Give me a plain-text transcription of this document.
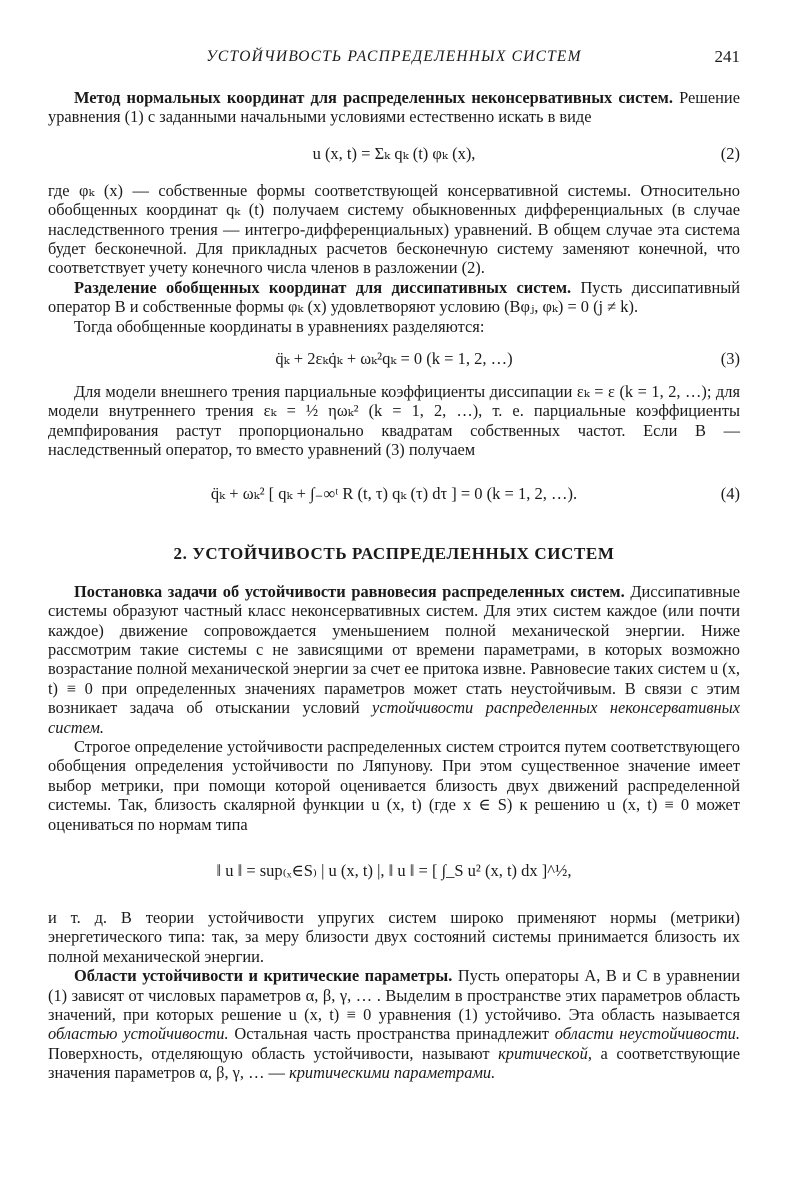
УСТОЙЧИВОСТЬ РАСПРЕДЕЛЕННЫХ СИСТЕМ	241

Метод нормальных координат для распределенных неконсервативных систем. Решение уравнения (1) с заданными начальными условиями естественно искать в виде

u (x, t) = Σₖ qₖ (t) φₖ (x),	(2)

где φₖ (x) — собственные формы соответствующей консервативной системы. Относительно обобщенных координат qₖ (t) получаем систему обыкновенных дифференциальных (в случае наследственного трения — интегро-дифференциальных) уравнений. В общем случае эта система будет бесконечной. Для прикладных расчетов бесконечную систему заменяют конечной, что соответствует учету конечного числа членов в разложении (2).

Разделение обобщенных координат для диссипативных систем. Пусть диссипативный оператор B и собственные формы φₖ (x) удовлетворяют условию (Bφⱼ, φₖ) = 0 (j ≠ k).

Тогда обобщенные координаты в уравнениях разделяются:

q̈ₖ + 2εₖq̇ₖ + ωₖ²qₖ = 0 (k = 1, 2, …)	(3)

Для модели внешнего трения парциальные коэффициенты диссипации εₖ = ε (k = 1, 2, …); для модели внутреннего трения εₖ = ½ ηωₖ² (k = 1, 2, …), т. е. парциальные коэффициенты демпфирования растут пропорционально квадратам собственных частот. Если B — наследственный оператор, то вместо уравнений (3) получаем

q̈ₖ + ωₖ² [ qₖ + ∫₋∞ᵗ R (t, τ) qₖ (τ) dτ ] = 0 (k = 1, 2, …).	(4)
2. УСТОЙЧИВОСТЬ РАСПРЕДЕЛЕННЫХ СИСТЕМ

Постановка задачи об устойчивости равновесия распределенных систем. Диссипативные системы образуют частный класс неконсервативных систем. Для этих систем каждое (или почти каждое) движение сопровождается уменьшением полной механической энергии. Ниже рассмотрим такие системы с не зависящими от времени параметрами, в которых возможно возрастание полной механической энергии за счет ее притока извне. Равновесие таких систем u (x, t) ≡ 0 при определенных значениях параметров может стать неустойчивым. В связи с этим возникает задача об отыскании условий устойчивости распределенных неконсервативных систем.

Строгое определение устойчивости распределенных систем строится путем соответствующего обобщения определения устойчивости по Ляпунову. При этом существенное значение имеет выбор метрики, при помощи которой оценивается близость двух движений распределенной системы. Так, близость скалярной функции u (x, t) (где x ∈ S) к решению u (x, t) ≡ 0 может оцениваться по нормам типа

‖ u ‖ = sup₍ₓ∈S₎ | u (x, t) |, ‖ u ‖ = [ ∫_S u² (x, t) dx ]^½,

и т. д. В теории устойчивости упругих систем широко применяют нормы (метрики) энергетического типа: так, за меру близости двух состояний системы принимается близость их полной механической энергии.

Области устойчивости и критические параметры. Пусть операторы A, B и C в уравнении (1) зависят от числовых параметров α, β, γ, … . Выделим в пространстве этих параметров область значений, при которых решение u (x, t) ≡ 0 уравнения (1) устойчиво. Эта область называется областью устойчивости. Остальная часть пространства принадлежит области неустойчивости. Поверхность, отделяющую область устойчивости, называют критической, а соответствующие значения параметров α, β, γ, … — критическими параметрами.
